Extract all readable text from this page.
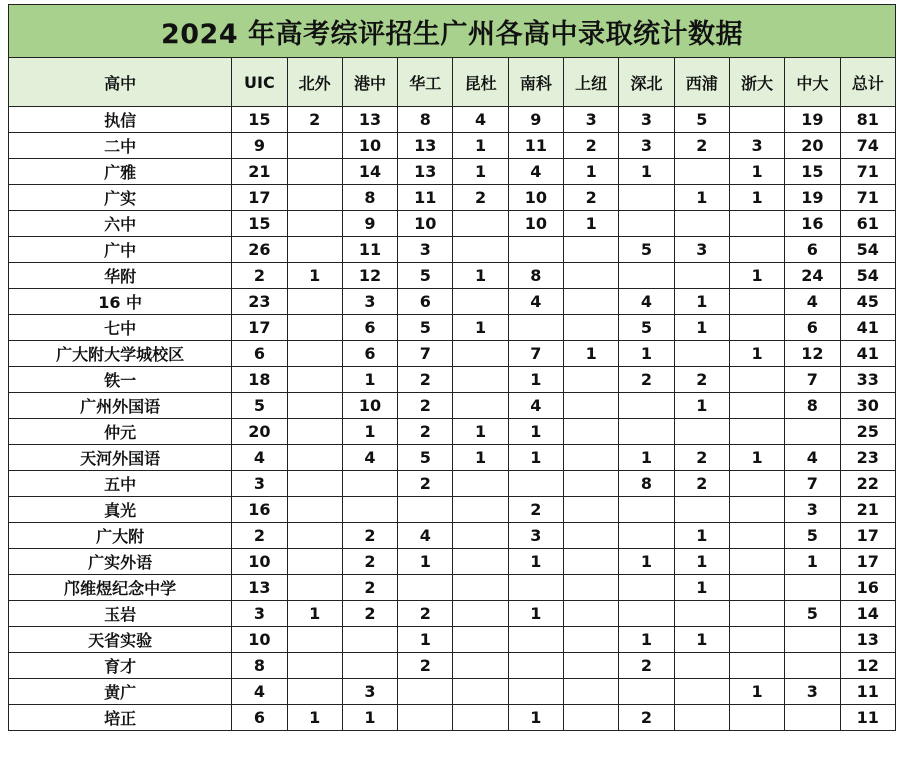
2024 年高考综评招生广州各高中录取统计数据												
高中	UIC	北外	港中	华工	昆杜	南科	上纽	深北	西浦	浙大	中大	总计
执信	15	2	13	8	4	9	3	3	5		19	81
二中	9		10	13	1	11	2	3	2	3	20	74
广雅	21		14	13	1	4	1	1		1	15	71
广实	17		8	11	2	10	2		1	1	19	71
六中	15		9	10		10	1				16	61
广中	26		11	3				5	3		6	54
华附	2	1	12	5	1	8				1	24	54
16 中	23		3	6		4		4	1		4	45
七中	17		6	5	1			5	1		6	41
广大附大学城校区	6		6	7		7	1	1		1	12	41
铁一	18		1	2		1		2	2		7	33
广州外国语	5		10	2		4			1		8	30
仲元	20		1	2	1	1						25
天河外国语	4		4	5	1	1		1	2	1	4	23
五中	3			2				8	2		7	22
真光	16					2					3	21
广大附	2		2	4		3			1		5	17
广实外语	10		2	1		1		1	1		1	17
邝维煜纪念中学	13		2						1			16
玉岩	3	1	2	2		1					5	14
天省实验	10			1				1	1			13
育才	8			2				2				12
黄广	4		3							1	3	11
培正	6	1	1			1		2				11
